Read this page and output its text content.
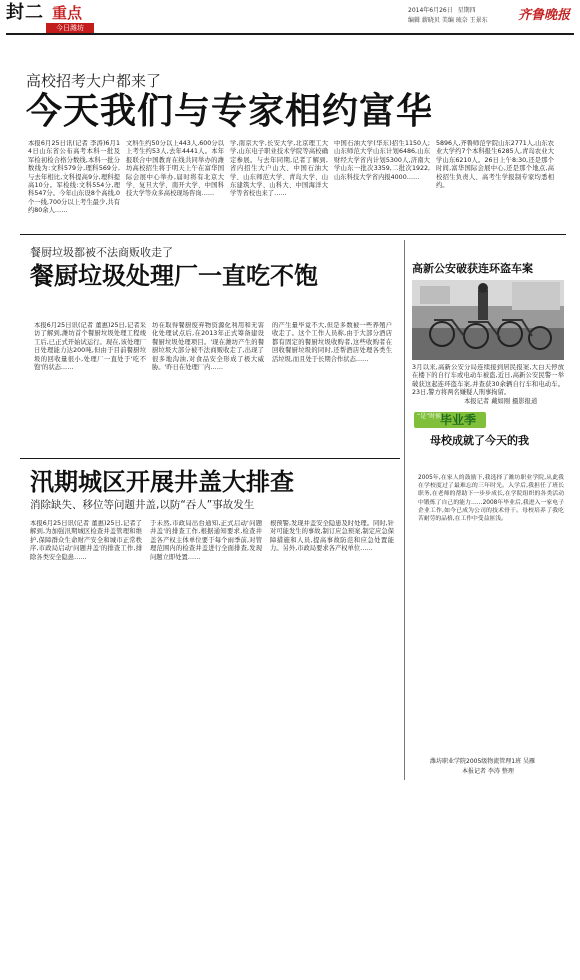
封二 重点
今日潍坊
2014年6月26日 星期四
编辑 薪晓贝 美编 琉奈 王景东 齐鲁晚报
高校招考大户都来了
今天我们与专家相约富华
本报6月25日讯(记者 李涛)6月14日山东省公布高考本科一批及军检初检合格分数线,本科一批分数线为:文科579分,理科569分,与去年相比,文科提高9分,理科提高10分。军检线:文科554分,理科547分。今年山东设8个高线,0个一线,700分以上考生最少,共有约80余人……
文科生约50分以上443人,600分以上考生约53人,去年4441人。本年报联合中国教育在线共同举办的潍坊高校招生将于明天上午在富华国际会展中心举办,届时将有北京大学、复旦大学、南开大学、中国科技大学等众多高校现场咨询……
学,南京大学,长安大学,北京理工大学,山东电子职业技术学院等高校确定参展。与去年同期,记者了解到,省内招生大户山大、中国石油大学、山东师范大学、青岛大学、山东建筑大学、山科大、中国海洋大学等省校也来了……
中国石油大学(华东)招生1150人;山东师范大学山东计划6486,山东财经大学省内计划5300人,济南大学山东一批次3359,二批次1922,山东科技大学省内报4000……
5896人,齐鲁师范学院山东2771人,山东农业大学约7个本科报生6285人,青岛农业大学山东6210人。26日上午8:30,还是那个时间,富华国际会展中心,还是那个地点,高校招生负责人、高考生学报制专家均悉相约。
餐厨垃圾都被不法商贩收走了
餐厨垃圾处理厂一直吃不饱
本报6月25日讯(记者 董惠)25日,记者采访了解到,潍坊首个餐厨垃圾处理工程竣工后,已正式开始试运行。现在,该处理厂日处理能力达200吨,但由于目前餐厨垃圾的回收量很小,处理厂一直处于'吃不饱'的状态……
坊在取得餐厨废弃物资源化利用和无害化处理试点后,在2013年正式筹备建设餐厨垃圾处理项目。'现在潍坊产生的餐厨垃圾大部分被不法商贩收走了,出现了很多地沟油,对食品安全形成了极大威胁。'昨日在处理厂内……
的产生量毕竟不大,但是多数被一些养殖户收走了。这个工作人员称,由于大部分酒店都有固定的餐厨垃圾收购者,这些收购者在回收餐厨垃圾的同时,还帮酒店处理各类生活垃圾,而且处于长期合作状态……
汛期城区开展井盖大排查
消除缺失、移位等问题井盖,以防“吞人”事故发生
本报6月25日讯(记者 董惠)25日,记者了解到,为加强汛期城区检查井盖管理和维护,保障群众生命财产安全和城市正常秩序,市政局启动'问题井盖'的排查工作,排除各类安全隐患……
于未然,市政局出台通知,正式启动'问题井盖'的排查工作,根据通知要求,检查井盖各产权主体单位要于每个雨季前,对管理范围内的检查井盖进行全面排查,发现问题立即处置……
根预警,发现井盖安全隐患及时处理。同时,针对可能发生的事故,制订应急预案,制定应急保障措施和人员,提高事故防范和应急处置能力。另外,市政局要求各产权单位……
高新公安破获连环盗车案
3月以来,高新公安分局连续接到居民报案,大白天停放在楼下的自行车或电动车被盗,近日,高新公安民警一举破获这起连环盗车案,并查获30余辆自行车和电动车。23日,警方将两名嫌疑人刑事拘留。
本报记者 戴如刚 摄影报道
“是”时候
毕业季
母校成就了今天的我
2005年,在家人的鼓励下,我选择了潍坊职业学院,从此我在学校度过了最难忘的三年时光。入学后,我担任了班长职务,在老师的帮助下一步步成长,在学院组织的各类活动中锻炼了自己的能力……2008年毕业后,我进入一家电子企业工作,如今已成为公司的技术骨干。母校培养了我吃苦耐劳的品格,在工作中受益匪浅。
潍坊职业学院2005级物流管理1班 吴雁
本报记者 李涛 整理
